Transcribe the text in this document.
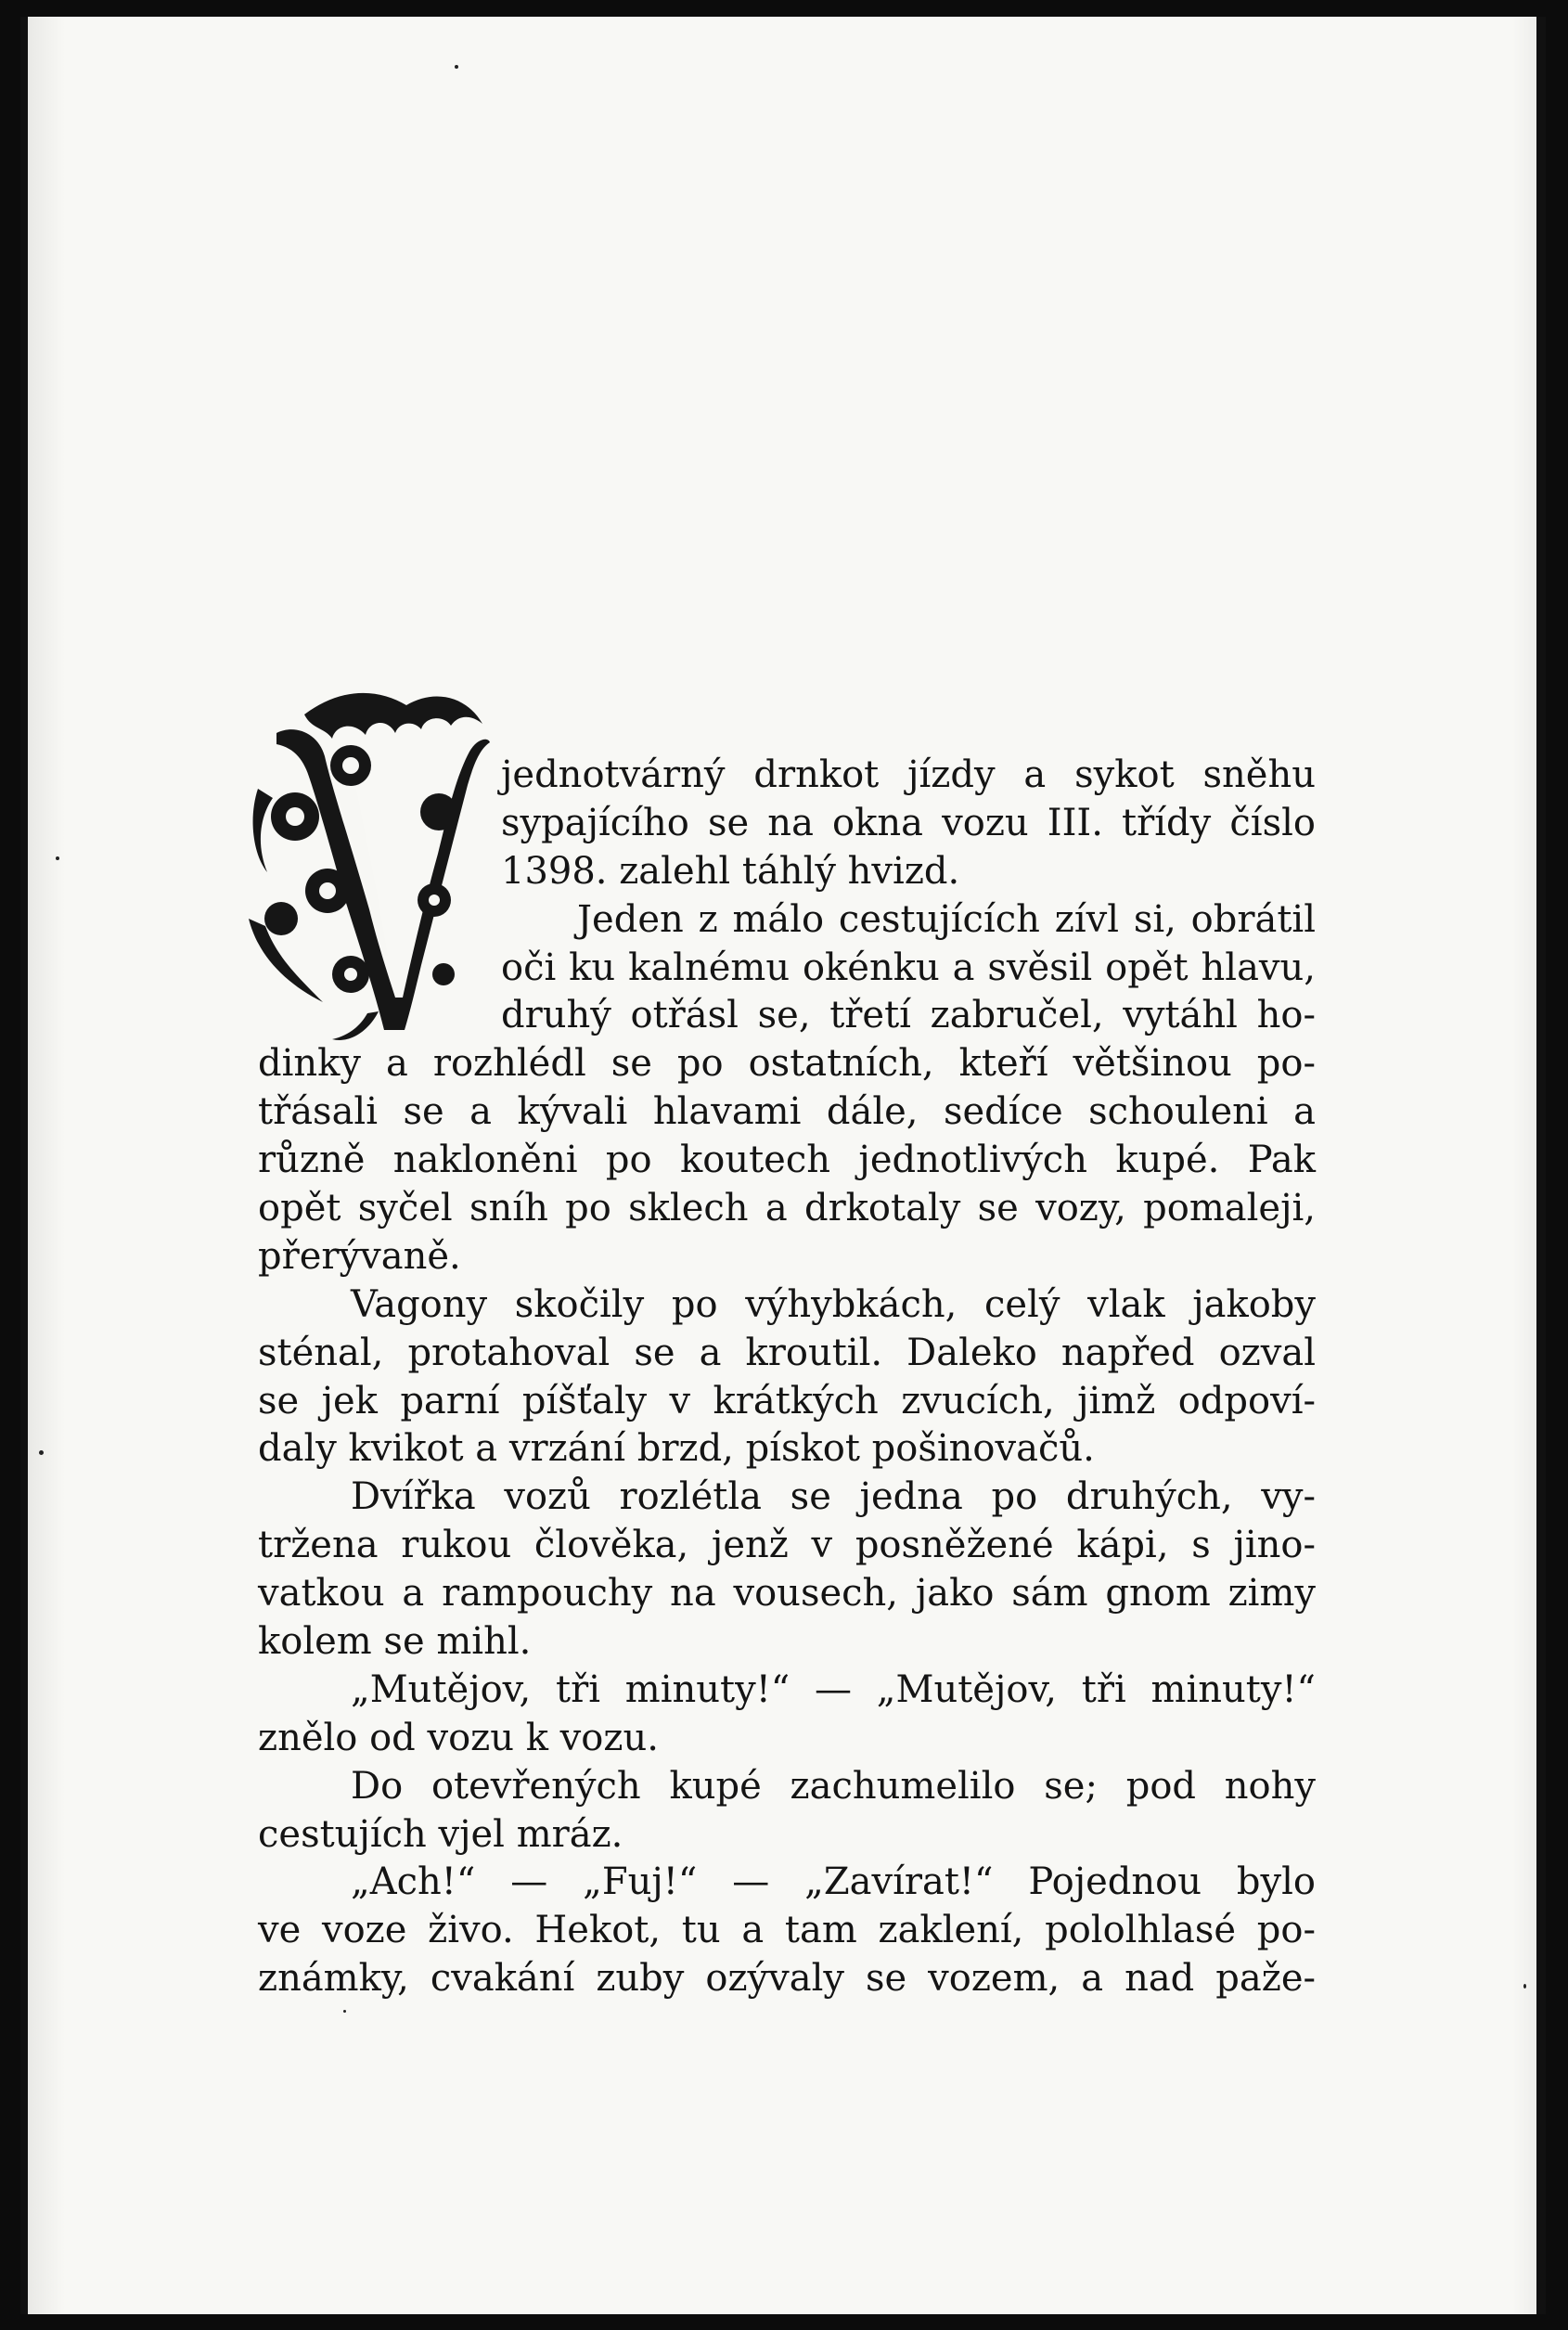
jednotvárný drnkot jízdy a sykot sněhu
sypajícího se na okna vozu III. třídy číslo
1398. zalehl táhlý hvizd.
Jeden z málo cestujících zívl si, obrátil
oči ku kalnému okénku a svěsil opět hlavu,
druhý otřásl se, třetí zabručel, vytáhl ho-
dinky a rozhlédl se po ostatních, kteří většinou po-
třásali se a kývali hlavami dále, sedíce schouleni a
různě nakloněni po koutech jednotlivých kupé. Pak
opět syčel sníh po sklech a drkotaly se vozy, pomaleji,
přerývaně.
Vagony skočily po výhybkách, celý vlak jakoby
sténal, protahoval se a kroutil. Daleko napřed ozval
se jek parní píšťaly v krátkých zvucích, jimž odpoví-
daly kvikot a vrzání brzd, pískot pošinovačů.
Dvířka vozů rozlétla se jedna po druhých, vy-
tržena rukou člověka, jenž v posněžené kápi, s jino-
vatkou a rampouchy na vousech, jako sám gnom zimy
kolem se mihl.
„Mutějov, tři minuty!“ — „Mutějov, tři minuty!“
znělo od vozu k vozu.
Do otevřených kupé zachumelilo se; pod nohy
cestujích vjel mráz.
„Ach!“ — „Fuj!“ — „Zavírat!“ Pojednou bylo
ve voze živo. Hekot, tu a tam zaklení, pololhlasé po-
známky, cvakání zuby ozývaly se vozem, a nad paže-
